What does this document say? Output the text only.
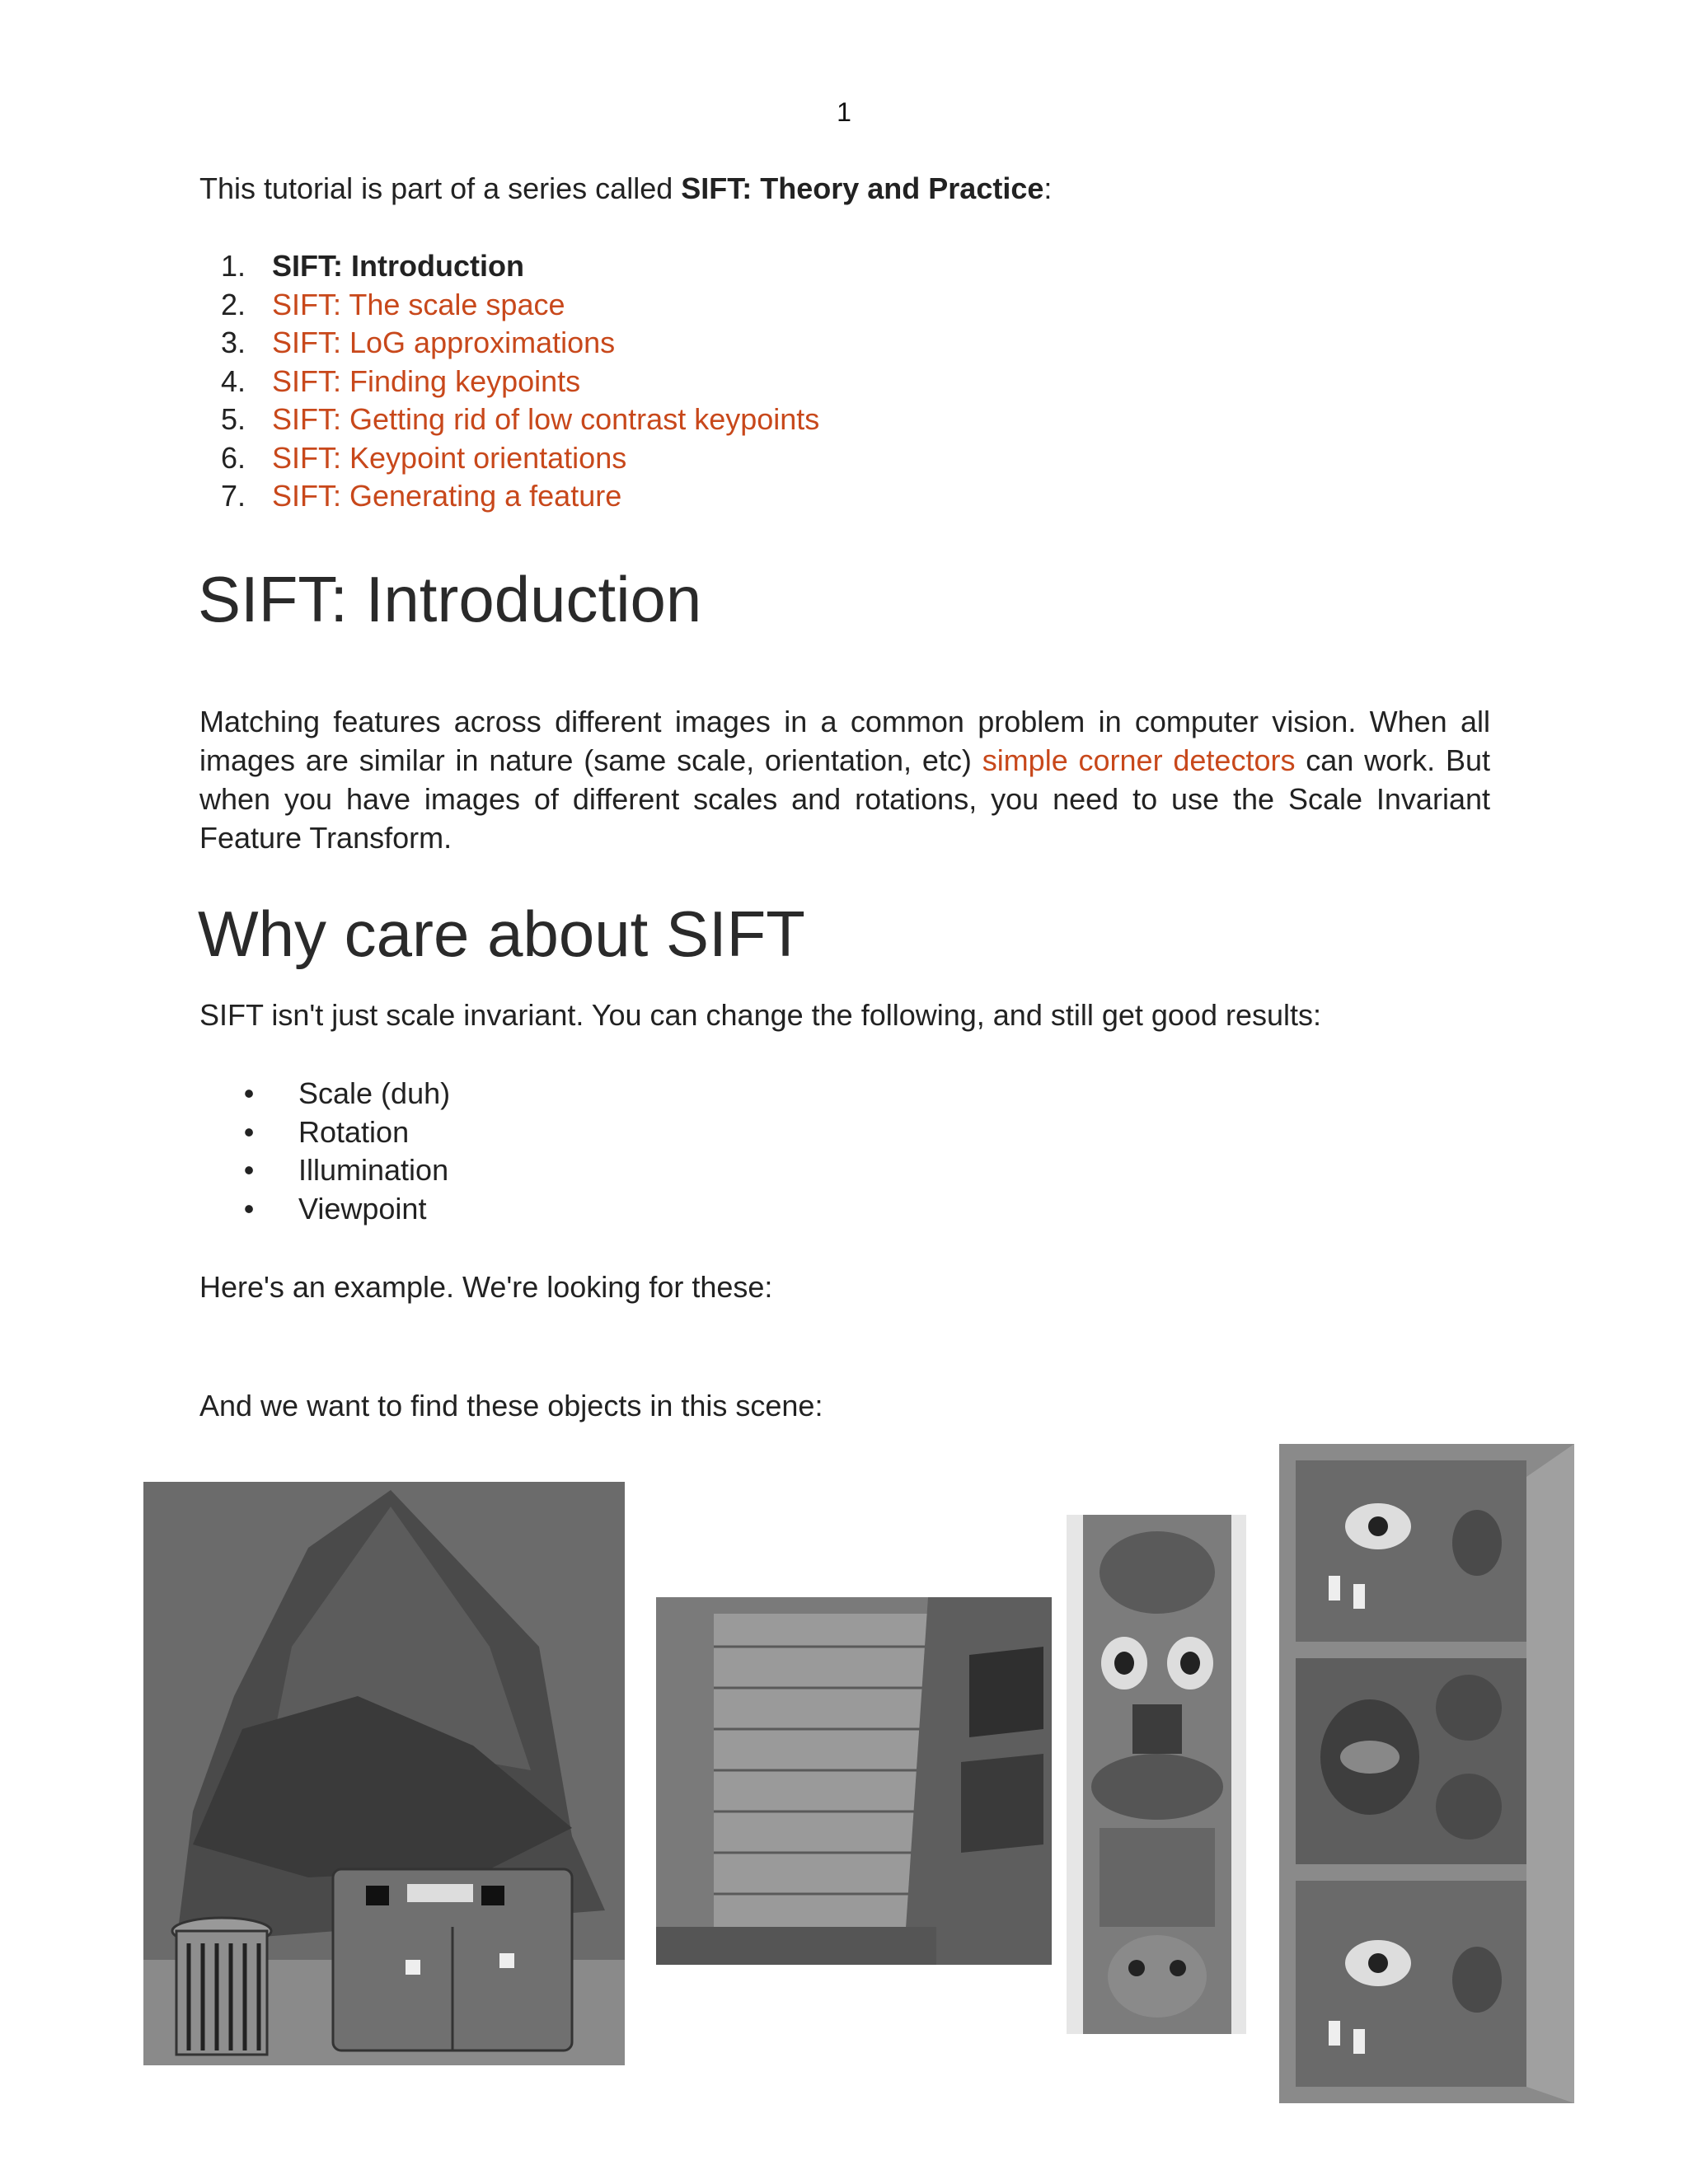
1
This tutorial is part of a series called SIFT: Theory and Practice:
1. SIFT: Introduction
2. SIFT: The scale space
3. SIFT: LoG approximations
4. SIFT: Finding keypoints
5. SIFT: Getting rid of low contrast keypoints
6. SIFT: Keypoint orientations
7. SIFT: Generating a feature
SIFT: Introduction
Matching features across different images in a common problem in computer vision. When all images are similar in nature (same scale, orientation, etc) simple corner detectors can work. But when you have images of different scales and rotations, you need to use the Scale Invariant Feature Transform.
Why care about SIFT
SIFT isn't just scale invariant. You can change the following, and still get good results:
• Scale (duh)
• Rotation
• Illumination
• Viewpoint
Here's an example. We're looking for these:
And we want to find these objects in this scene:
